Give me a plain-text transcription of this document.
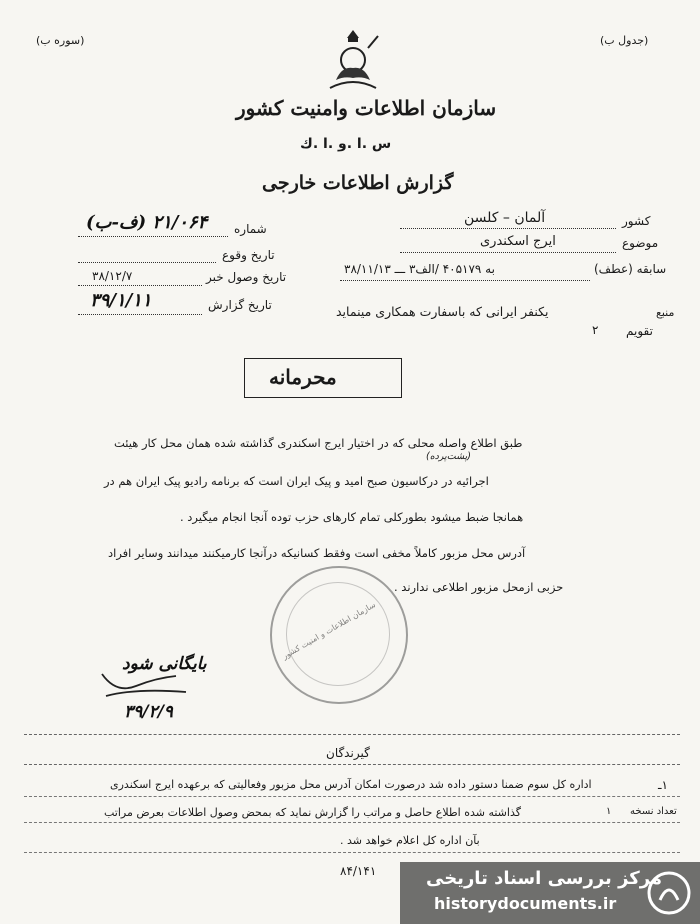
(سوره ب)	(جدول ب)
سازمان اطلاعات وامنیت کشور
س .ا .و .ا .ك
گزارش اطلاعات خارجی
کشور
آلمان – کلسن
موضوع
ایرج اسکندری
سابقه (عطف)
به ۴۰۵۱۷۹ /الف۳ ـــ ۳۸/۱۱/۱۳
منبع
یکنفر ایرانی که باسفارت همکاری مینماید
تقویم
۲
شماره
۲۱/۰۶۴ (ف-ب)
تاریخ وقوع
تاریخ وصول خبر
۳۸/۱۲/۷
تاریخ گزارش
۳۹/۱/۱۱
محرمانه
طبق اطلاع واصله محلی که در اختیار ایرج اسکندری گذاشته شده همان محل کار هیئت
(پشت‌پرده)
اجرائیه در درکاسیون صبح امید و پیک ایران است که برنامه رادیو پیک ایران هم در
همانجا ضبط میشود بطورکلی تمام کارهای حزب توده آنجا انجام میگیرد .
آدرس محل مزبور کاملاً مخفی است وفقط کسانیکه درآنجا کارمیکنند میدانند وسایر افراد
حزبی ازمحل مزبور اطلاعی ندارند .
سازمان اطلاعات و امنیت کشور
بایگانی شود
۳۹/۲/۹
گیرندگان
۱ـ
اداره کل سوم ضمنا دستور داده شد درصورت امکان آدرس محل مزبور وفعالیتی که برعهده ایرج اسکندری
تعداد نسخه
۱
گذاشته شده اطلاع حاصل و مراتب را گزارش نماید که بمحض وصول اطلاعات بعرض مراتب
بآن اداره کل اعلام خواهد شد .
۸۴/۱۴۱	مرکز بررسی اسناد تاریخی
historydocuments.ir
